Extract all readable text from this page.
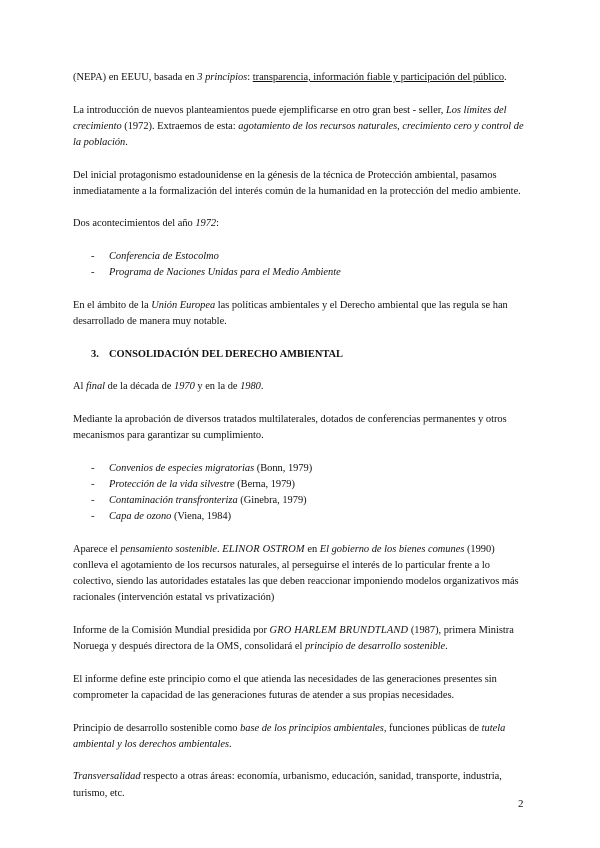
(NEPA) en EEUU, basada en 3 principios: transparencia, información fiable y participación del público.

La introducción de nuevos planteamientos puede ejemplificarse en otro gran best - seller, Los límites del crecimiento (1972). Extraemos de esta: agotamiento de los recursos naturales, crecimiento cero y control de la población.

Del inicial protagonismo estadounidense en la génesis de la técnica de Protección ambiental, pasamos inmediatamente a la formalización del interés común de la humanidad en la protección del medio ambiente.

Dos acontecimientos del año 1972:

- Conferencia de Estocolmo
- Programa de Naciones Unidas para el Medio Ambiente

En el ámbito de la Unión Europea las políticas ambientales y el Derecho ambiental que las regula se han desarrollado de manera muy notable.

3. CONSOLIDACIÓN DEL DERECHO AMBIENTAL

Al final de la década de 1970 y en la de 1980.

Mediante la aprobación de diversos tratados multilaterales, dotados de conferencias permanentes y otros mecanismos para garantizar su cumplimiento.

- Convenios de especies migratorias (Bonn, 1979)
- Protección de la vida silvestre (Berna, 1979)
- Contaminación transfronteriza (Ginebra, 1979)
- Capa de ozono (Viena, 1984)

Aparece el pensamiento sostenible. ELINOR OSTROM en El gobierno de los bienes comunes (1990) conlleva el agotamiento de los recursos naturales, al perseguirse el interés de lo particular frente a lo colectivo, siendo las autoridades estatales las que deben reaccionar imponiendo modelos organizativos más racionales (intervención estatal vs privatización)

Informe de la Comisión Mundial presidida por GRO HARLEM BRUNDTLAND (1987), primera Ministra Noruega y después directora de la OMS, consolidará el principio de desarrollo sostenible.

El informe define este principio como el que atienda las necesidades de las generaciones presentes sin comprometer la capacidad de las generaciones futuras de atender a sus propias necesidades.

Principio de desarrollo sostenible como base de los principios ambientales, funciones públicas de tutela ambiental y los derechos ambientales.

Transversalidad respecto a otras áreas: economía, urbanismo, educación, sanidad, transporte, industria, turismo, etc.

2
